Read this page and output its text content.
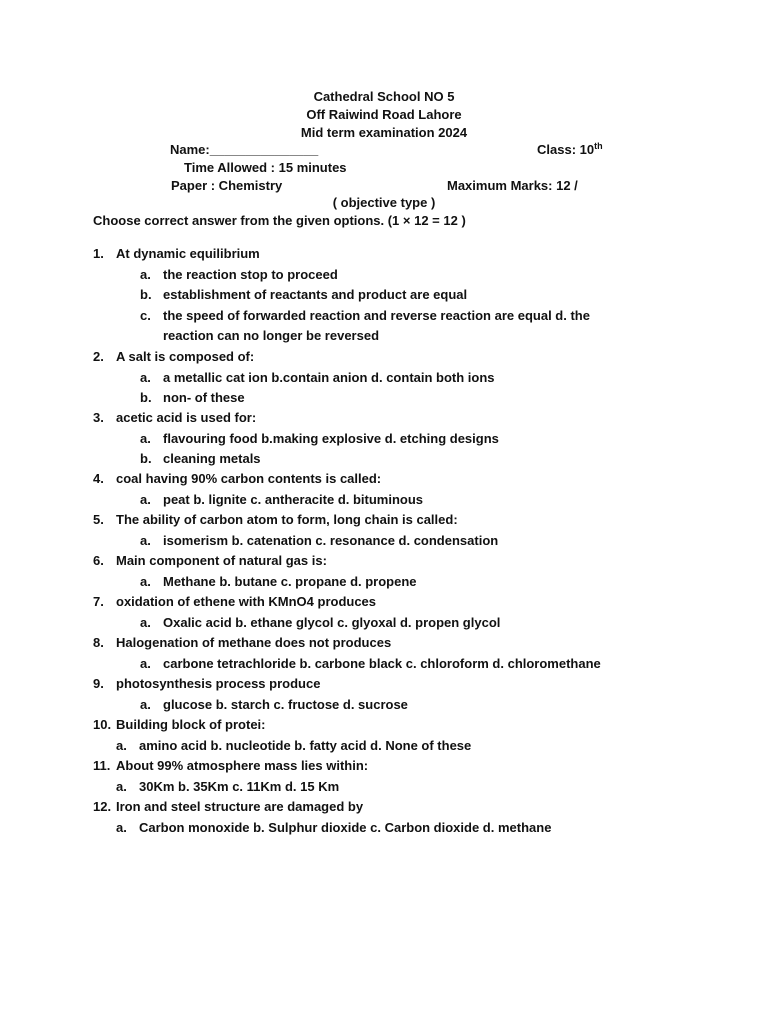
Cathedral School NO 5
Off Raiwind Road Lahore
Mid term examination 2024
Name:_______________	Class: 10th
Time Allowed : 15 minutes
Paper : Chemistry	Maximum Marks: 12 /
( objective type )
Choose correct answer from the given options. (1 × 12 = 12 )
1. At dynamic equilibrium
a. the reaction stop to proceed
b. establishment of reactants and product are equal
c. the speed of forwarded reaction and reverse reaction are equal d. the
reaction can no longer be reversed
2. A salt is composed of:
a. a metallic cat ion b.contain anion d. contain both ions
b. non- of these
3. acetic acid is used for:
a. flavouring food b.making explosive d. etching designs
b. cleaning metals
4. coal having 90% carbon contents is called:
a. peat b. lignite c. antheracite d. bituminous
5. The ability of carbon atom to form, long chain is called:
a. isomerism b. catenation c. resonance d. condensation
6. Main component of natural gas is:
a. Methane b. butane c. propane d. propene
7. oxidation of ethene with KMnO4 produces
a. Oxalic acid b. ethane glycol c. glyoxal d. propen glycol
8. Halogenation of methane does not produces
a. carbone tetrachloride b. carbone black c. chloroform d. chloromethane
9. photosynthesis process produce
a. glucose b. starch c. fructose d. sucrose
10. Building block of protei:
a. amino acid b. nucleotide b. fatty acid d. None of these
11. About 99% atmosphere mass lies within:
a. 30Km b. 35Km c. 11Km d. 15 Km
12. Iron and steel structure are damaged by
a. Carbon monoxide b. Sulphur dioxide c. Carbon dioxide d. methane
